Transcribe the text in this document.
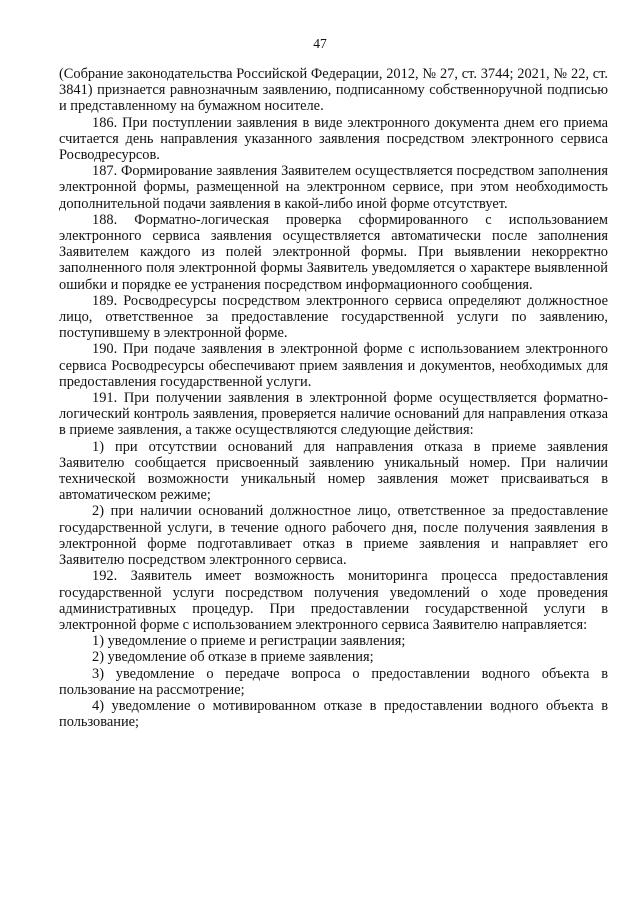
47

(Собрание законодательства Российской Федерации, 2012, № 27, ст. 3744; 2021, № 22, ст. 3841) признается равнозначным заявлению, подписанному собственноручной подписью и представленному на бумажном носителе.

186. При поступлении заявления в виде электронного документа днем его приема считается день направления указанного заявления посредством электронного сервиса Росводресурсов.

187. Формирование заявления Заявителем осуществляется посредством заполнения электронной формы, размещенной на электронном сервисе, при этом необходимость дополнительной подачи заявления в какой-либо иной форме отсутствует.

188. Форматно-логическая проверка сформированного с использованием электронного сервиса заявления осуществляется автоматически после заполнения Заявителем каждого из полей электронной формы. При выявлении некорректно заполненного поля электронной формы Заявитель уведомляется о характере выявленной ошибки и порядке ее устранения посредством информационного сообщения.

189. Росводресурсы посредством электронного сервиса определяют должностное лицо, ответственное за предоставление государственной услуги по заявлению, поступившему в электронной форме.

190. При подаче заявления в электронной форме с использованием электронного сервиса Росводресурсы обеспечивают прием заявления и документов, необходимых для предоставления государственной услуги.

191. При получении заявления в электронной форме осуществляется форматно-логический контроль заявления, проверяется наличие оснований для направления отказа в приеме заявления, а также осуществляются следующие действия:

1) при отсутствии оснований для направления отказа в приеме заявления Заявителю сообщается присвоенный заявлению уникальный номер. При наличии технической возможности уникальный номер заявления может присваиваться в автоматическом режиме;

2) при наличии оснований должностное лицо, ответственное за предоставление государственной услуги, в течение одного рабочего дня, после получения заявления в электронной форме подготавливает отказ в приеме заявления и направляет его Заявителю посредством электронного сервиса.

192. Заявитель имеет возможность мониторинга процесса предоставления государственной услуги посредством получения уведомлений о ходе проведения административных процедур. При предоставлении государственной услуги в электронной форме с использованием электронного сервиса Заявителю направляется:

1) уведомление о приеме и регистрации заявления;

2) уведомление об отказе в приеме заявления;

3) уведомление о передаче вопроса о предоставлении водного объекта в пользование на рассмотрение;

4) уведомление о мотивированном отказе в предоставлении водного объекта в пользование;
